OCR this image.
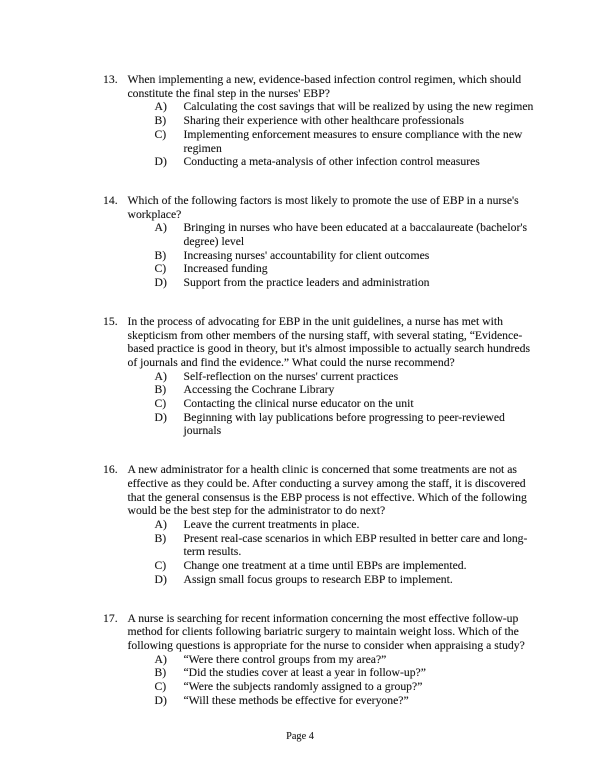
13. When implementing a new, evidence-based infection control regimen, which should constitute the final step in the nurses' EBP?
A)	Calculating the cost savings that will be realized by using the new regimen
B)	Sharing their experience with other healthcare professionals
C)	Implementing enforcement measures to ensure compliance with the new regimen
D)	Conducting a meta-analysis of other infection control measures
14. Which of the following factors is most likely to promote the use of EBP in a nurse's workplace?
A)	Bringing in nurses who have been educated at a baccalaureate (bachelor's degree) level
B)	Increasing nurses' accountability for client outcomes
C)	Increased funding
D)	Support from the practice leaders and administration
15. In the process of advocating for EBP in the unit guidelines, a nurse has met with skepticism from other members of the nursing staff, with several stating, “Evidence-based practice is good in theory, but it's almost impossible to actually search hundreds of journals and find the evidence.” What could the nurse recommend?
A)	Self-reflection on the nurses' current practices
B)	Accessing the Cochrane Library
C)	Contacting the clinical nurse educator on the unit
D)	Beginning with lay publications before progressing to peer-reviewed journals
16. A new administrator for a health clinic is concerned that some treatments are not as effective as they could be. After conducting a survey among the staff, it is discovered that the general consensus is the EBP process is not effective. Which of the following would be the best step for the administrator to do next?
A)	Leave the current treatments in place.
B)	Present real-case scenarios in which EBP resulted in better care and long-term results.
C)	Change one treatment at a time until EBPs are implemented.
D)	Assign small focus groups to research EBP to implement.
17. A nurse is searching for recent information concerning the most effective follow-up method for clients following bariatric surgery to maintain weight loss. Which of the following questions is appropriate for the nurse to consider when appraising a study?
A)	“Were there control groups from my area?”
B)	“Did the studies cover at least a year in follow-up?”
C)	“Were the subjects randomly assigned to a group?”
D)	“Will these methods be effective for everyone?”
Page 4
